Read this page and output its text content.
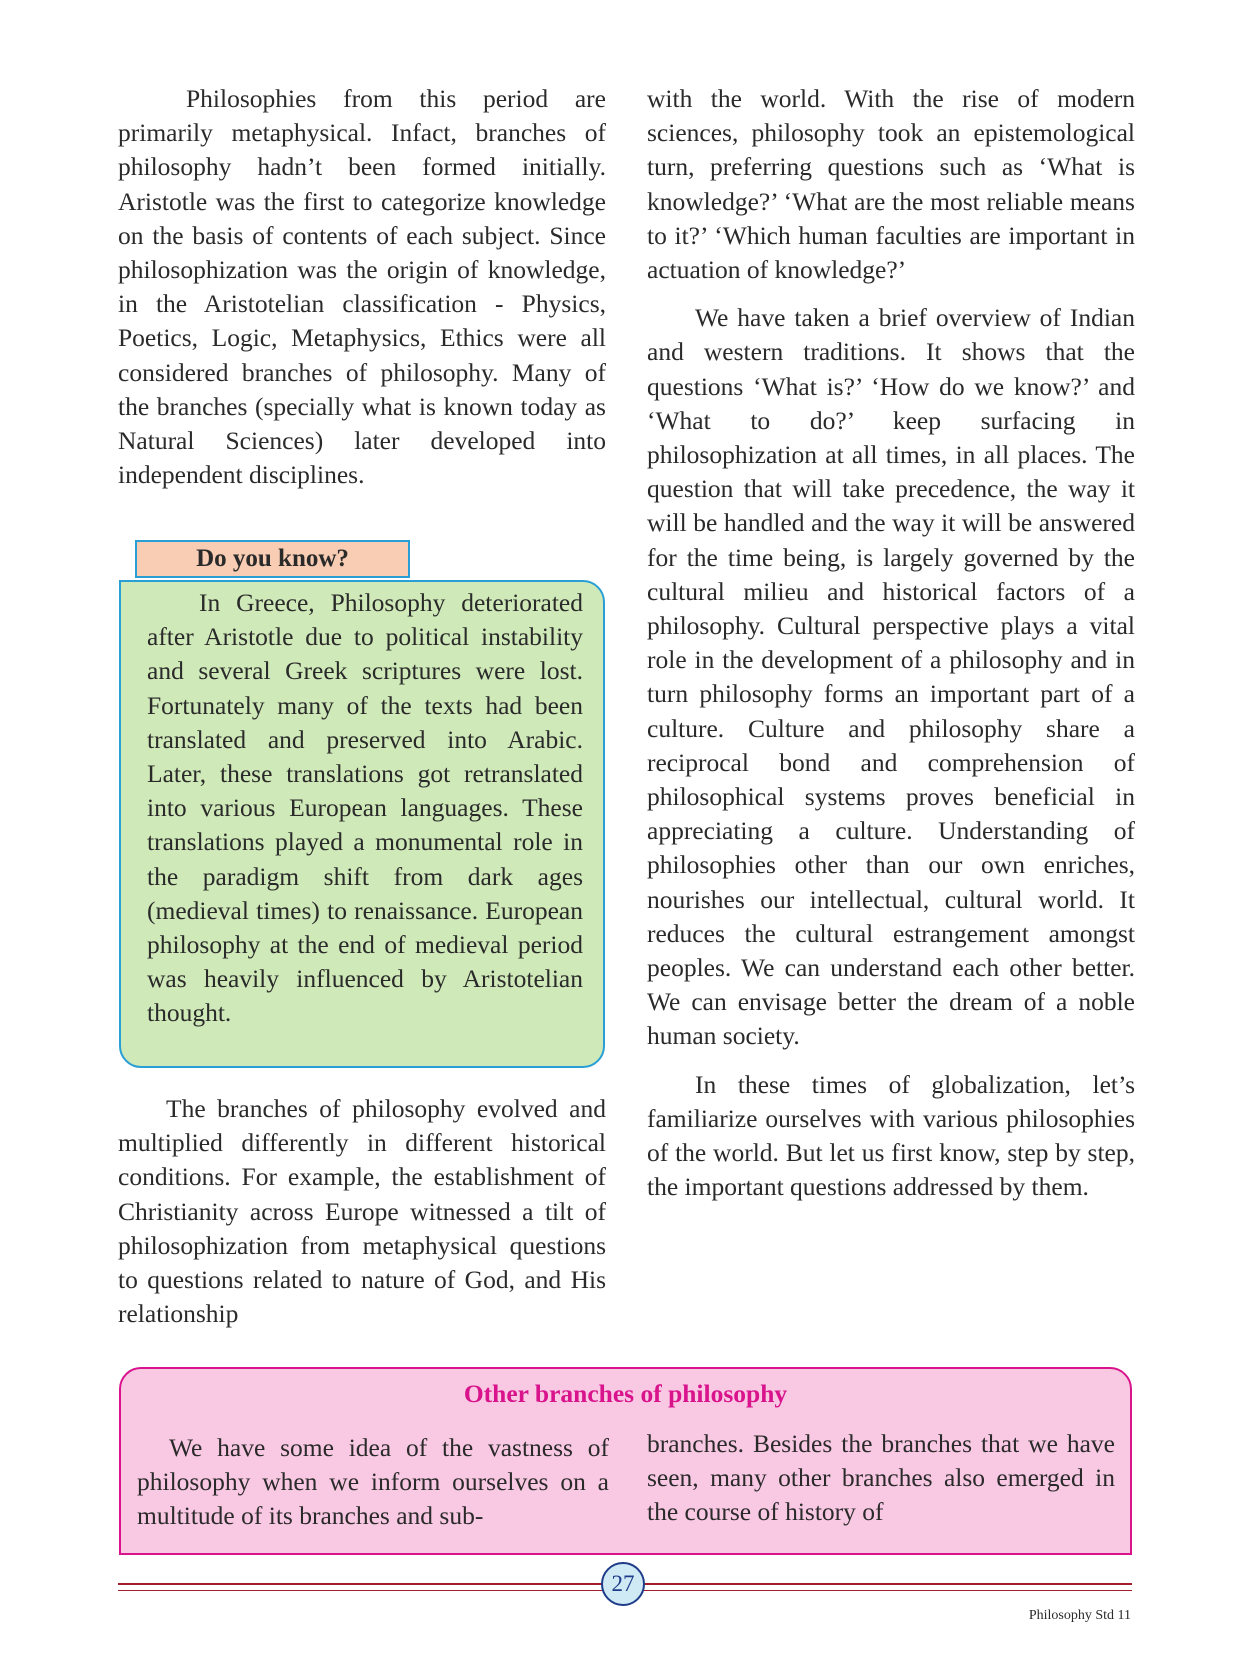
Philosophies from this period are primarily metaphysical. Infact, branches of philosophy hadn’t been formed initially. Aristotle was the first to categorize knowledge on the basis of contents of each subject. Since philosophization was the origin of knowledge, in the Aristotelian classification - Physics, Poetics, Logic, Metaphysics, Ethics were all considered branches of philosophy. Many of the branches (specially what is known today as Natural Sciences) later developed into independent disciplines.

Do you know?

In Greece, Philosophy deteriorated after Aristotle due to political instability and several Greek scriptures were lost. Fortunately many of the texts had been translated and preserved into Arabic. Later, these translations got retranslated into various European languages. These translations played a monumental role in the paradigm shift from dark ages (medieval times) to renaissance. European philosophy at the end of medieval period was heavily influenced by Aristotelian thought.

The branches of philosophy evolved and multiplied differently in different historical conditions. For example, the establishment of Christianity across Europe witnessed a tilt of philosophization from metaphysical questions to questions related to nature of God, and His relationship

with the world. With the rise of modern sciences, philosophy took an epistemological turn, preferring questions such as ‘What is knowledge?’ ‘What are the most reliable means to it?’ ‘Which human faculties are important in actuation of knowledge?’

We have taken a brief overview of Indian and western traditions. It shows that the questions ‘What is?’ ‘How do we know?’ and ‘What to do?’ keep surfacing in philosophization at all times, in all places. The question that will take precedence, the way it will be handled and the way it will be answered for the time being, is largely governed by the cultural milieu and historical factors of a philosophy. Cultural perspective plays a vital role in the development of a philosophy and in turn philosophy forms an important part of a culture. Culture and philosophy share a reciprocal bond and comprehension of philosophical systems proves beneficial in appreciating a culture. Understanding of philosophies other than our own enriches, nourishes our intellectual, cultural world. It reduces the cultural estrangement amongst peoples. We can understand each other better. We can envisage better the dream of a noble human society.

In these times of globalization, let’s familiarize ourselves with various philosophies of the world. But let us first know, step by step, the important questions addressed by them.

Other branches of philosophy
We have some idea of the vastness of philosophy when we inform ourselves on a multitude of its branches and sub-
branches. Besides the branches that we have seen, many other branches also emerged in the course of history of
27
Philosophy Std 11
